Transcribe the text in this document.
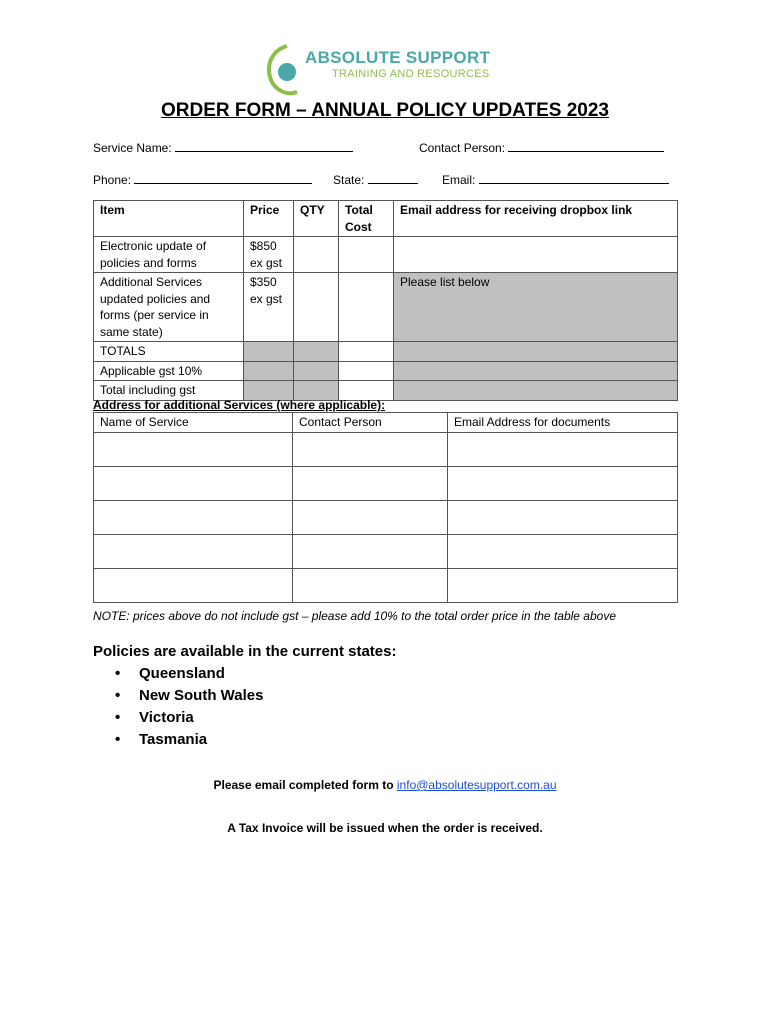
ABSOLUTE SUPPORT
TRAINING AND RESOURCES
ORDER FORM – ANNUAL POLICY UPDATES 2023
Service Name:	Contact Person:
Phone:	State:	Email:
Item	Price	QTY	Total Cost	Email address for receiving dropbox link
Electronic update of policies and forms	$850 ex gst			
Additional Services updated policies and forms (per service in same state)	$350 ex gst			Please list below
TOTALS				
Applicable gst 10%				
Total including gst				
Address for additional Services (where applicable):
Name of Service	Contact Person	Email Address for documents

NOTE: prices above do not include gst – please add 10% to the total order price in the table above
Policies are available in the current states:
• Queensland
• New South Wales
• Victoria
• Tasmania
Please email completed form to info@absolutesupport.com.au
A Tax Invoice will be issued when the order is received.
